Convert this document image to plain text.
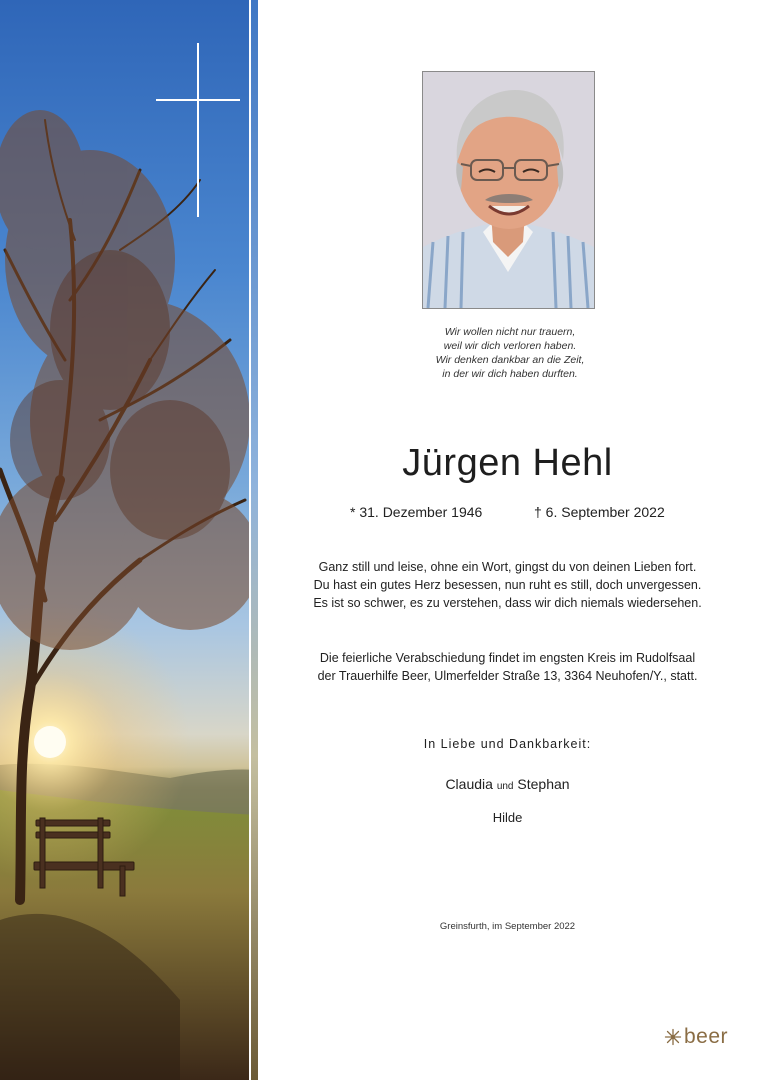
Wir wollen nicht nur trauern,
weil wir dich verloren haben.
Wir denken dankbar an die Zeit,
in der wir dich haben durften.
Jürgen Hehl
* 31. Dezember 1946	† 6. September 2022
Ganz still und leise, ohne ein Wort, gingst du von deinen Lieben fort.
Du hast ein gutes Herz besessen, nun ruht es still, doch unvergessen.
Es ist so schwer, es zu verstehen, dass wir dich niemals wiedersehen.
Die feierliche Verabschiedung findet im engsten Kreis im Rudolfsaal
der Trauerhilfe Beer, Ulmerfelder Straße 13, 3364 Neuhofen/Y., statt.
In Liebe und Dankbarkeit:
Claudia und Stephan
Hilde
Greinsfurth, im September 2022
beer
